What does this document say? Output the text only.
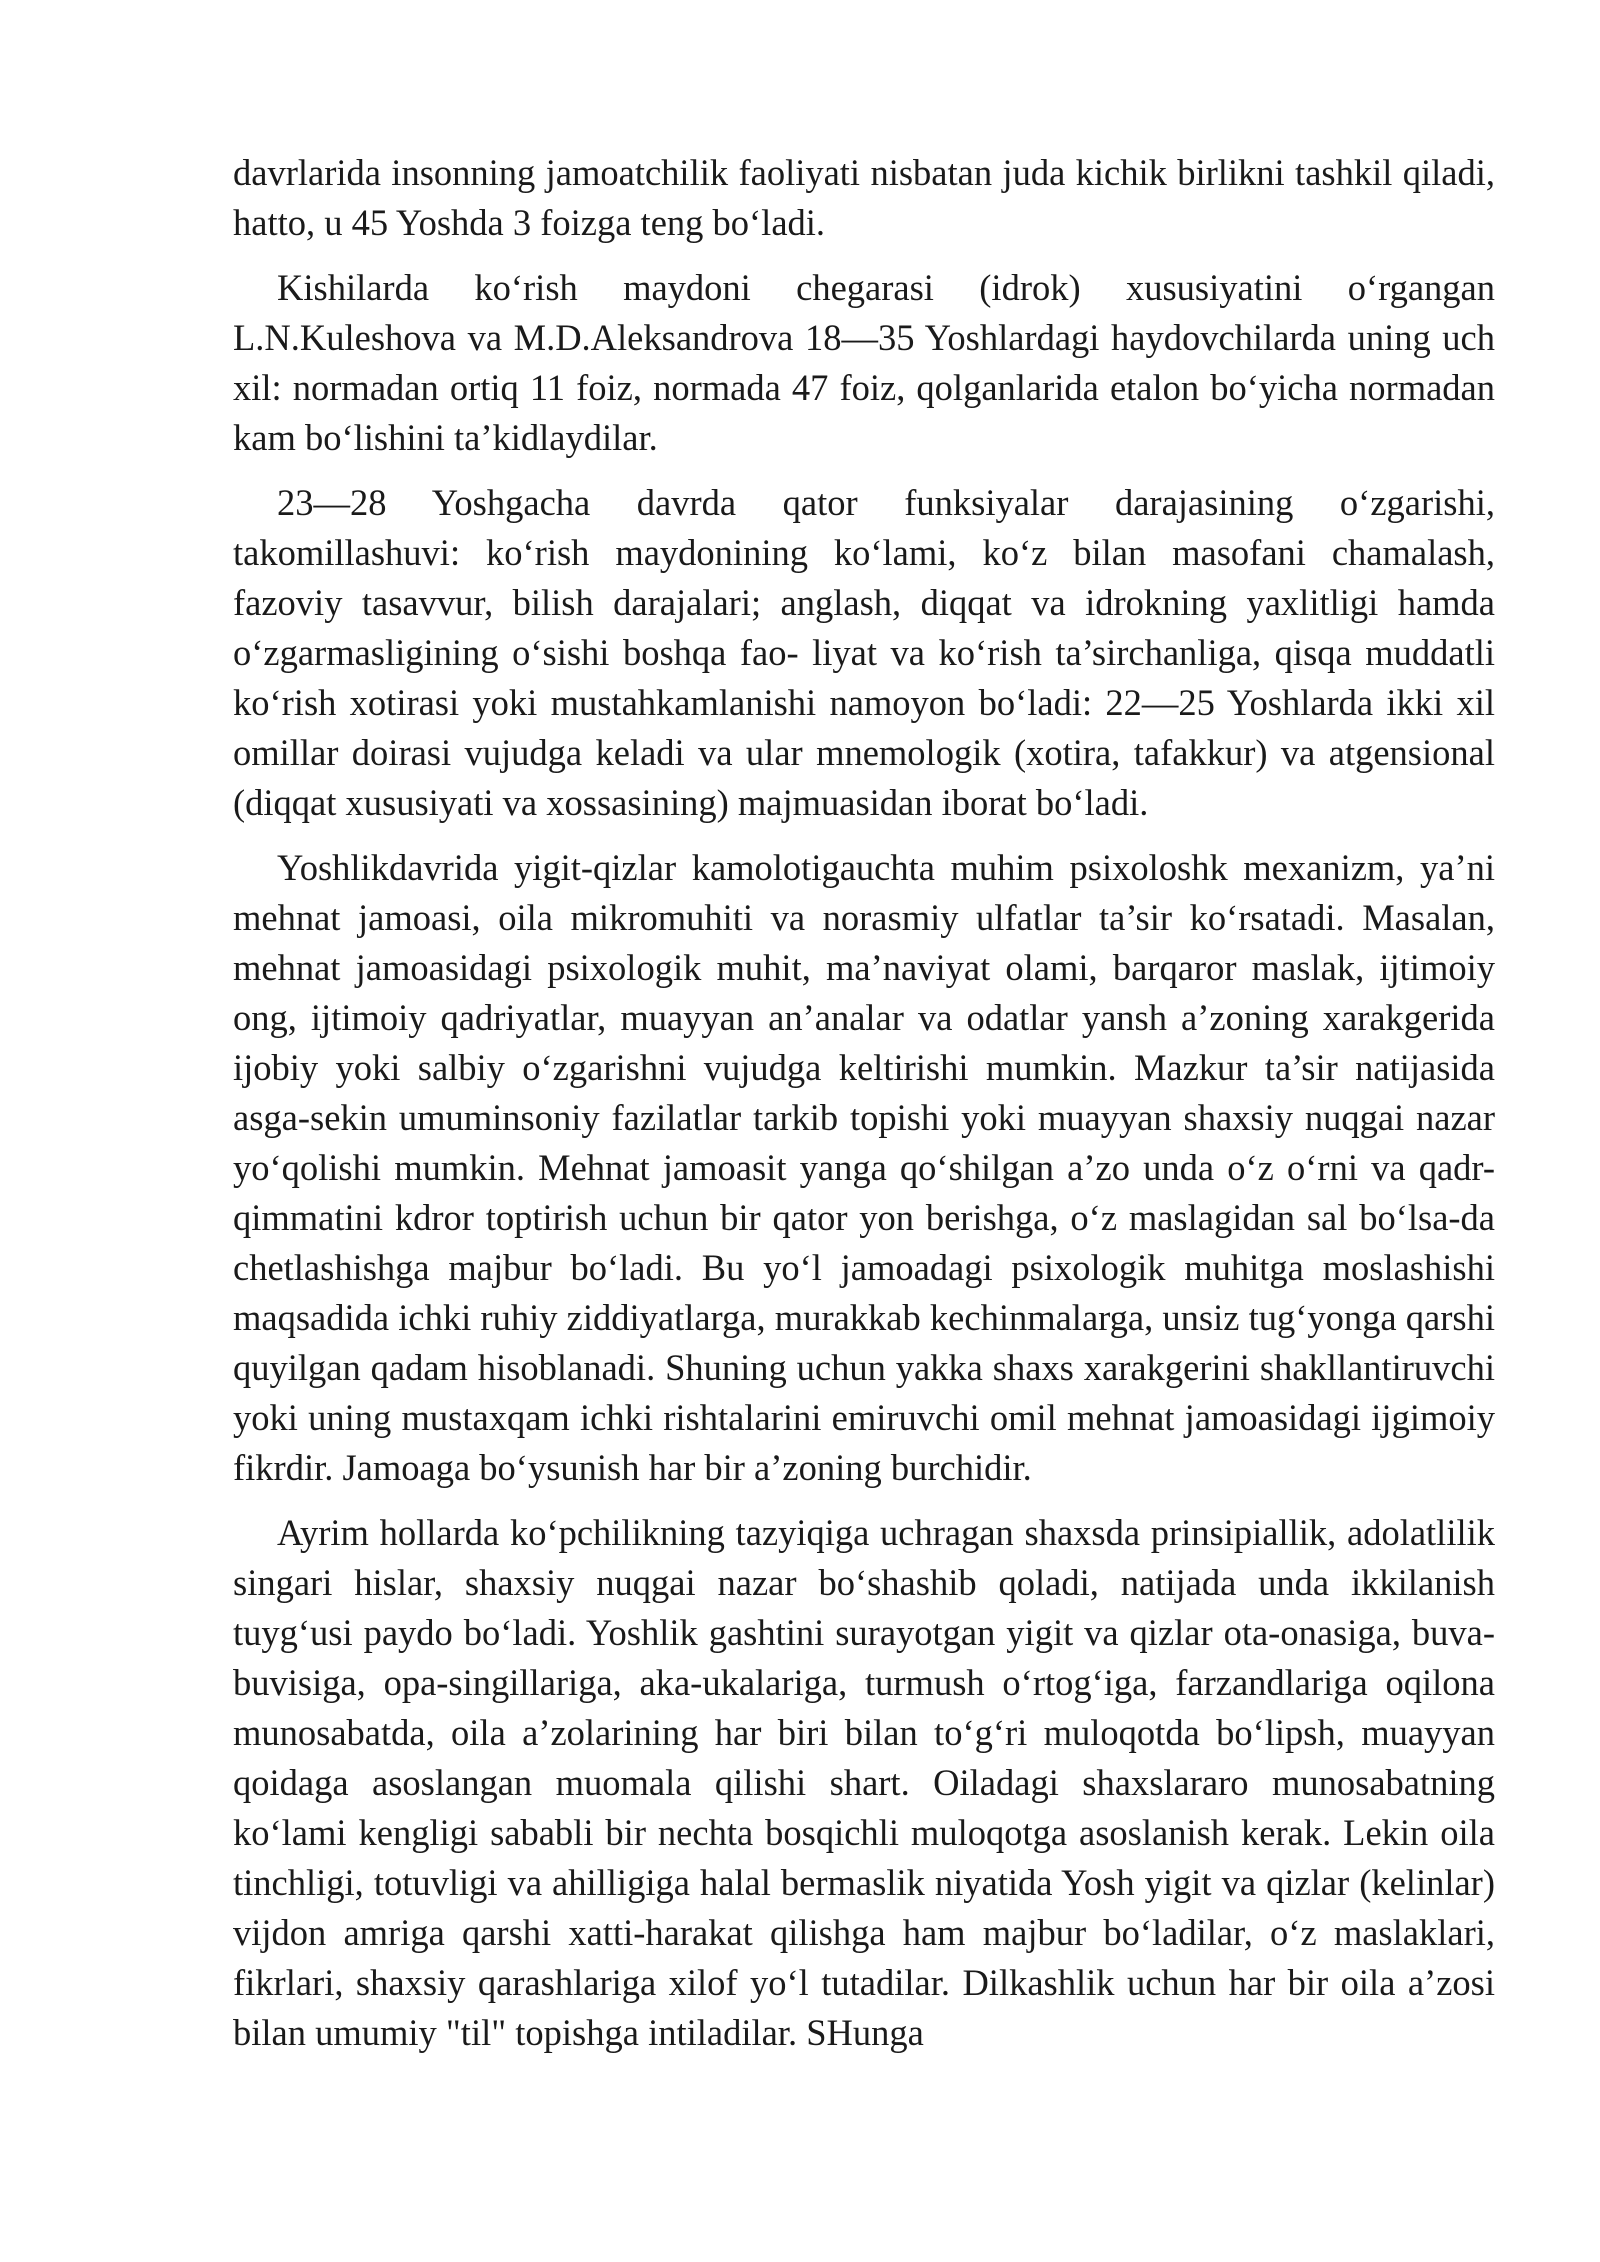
davrlarida insonning jamoatchilik faoliyati nisbatan juda kichik birlikni tashkil qiladi, hatto, u 45 Yoshda 3 foizga teng bo‘ladi.

Kishilarda ko‘rish maydoni chegarasi (idrok) xususiyatini o‘rgangan L.N.Kuleshova va M.D.Aleksandrova 18—35 Yoshlardagi haydovchilarda uning uch xil: normadan ortiq 11 foiz, normada 47 foiz, qolganlarida etalon bo‘yicha normadan kam bo‘lishini ta’kidlaydilar.

23—28 Yoshgacha davrda qator funksiyalar darajasining o‘zgarishi, takomillashuvi: ko‘rish maydonining ko‘lami, ko‘z bilan masofani chamalash, fazoviy tasavvur, bilish darajalari; anglash, diqqat va idrokning yaxlitligi hamda o‘zgarmasligining o‘sishi boshqa fao- liyat va ko‘rish ta’sirchanliga, qisqa muddatli ko‘rish xotirasi yoki mustahkamlanishi namoyon bo‘ladi: 22—25 Yoshlarda ikki xil omillar doirasi vujudga keladi va ular mnemologik (xotira, tafakkur) va atgensional (diqqat xususiyati va xossasining) majmuasidan iborat bo‘ladi.

Yoshlikdavrida yigit-qizlar kamolotigauchta muhim psixoloshk mexanizm, ya’ni mehnat jamoasi, oila mikromuhiti va norasmiy ulfatlar ta’sir ko‘rsatadi. Masalan, mehnat jamoasidagi psixologik muhit, ma’naviyat olami, barqaror maslak, ijtimoiy ong, ijtimoiy qadriyatlar, muayyan an’analar va odatlar yansh a’zoning xarakgerida ijobiy yoki salbiy o‘zgarishni vujudga keltirishi mumkin. Mazkur ta’sir natijasida asga-sekin umuminsoniy fazilatlar tarkib topishi yoki muayyan shaxsiy nuqgai nazar yo‘qolishi mumkin. Mehnat jamoasit yanga qo‘shilgan a’zo unda o‘z o‘rni va qadr-qimmatini kdror toptirish uchun bir qator yon berishga, o‘z maslagidan sal bo‘lsa-da chetlashishga majbur bo‘ladi. Bu yo‘l jamoadagi psixologik muhitga moslashishi maqsadida ichki ruhiy ziddiyatlarga, murakkab kechinmalarga, unsiz tug‘yonga qarshi quyilgan qadam hisoblanadi. Shuning uchun yakka shaxs xarakgerini shakllantiruvchi yoki uning mustaxqam ichki rishtalarini emiruvchi omil mehnat jamoasidagi ijgimoiy fikrdir. Jamoaga bo‘ysunish har bir a’zoning burchidir.

Ayrim hollarda ko‘pchilikning tazyiqiga uchragan shaxsda prinsipiallik, adolatlilik singari hislar, shaxsiy nuqgai nazar bo‘shashib qoladi, natijada unda ikkilanish tuyg‘usi paydo bo‘ladi. Yoshlik gashtini surayotgan yigit va qizlar ota-onasiga, buva- buvisiga, opa-singillariga, aka-ukalariga, turmush o‘rtog‘iga, farzandlariga oqilona munosabatda, oila a’zolarining har biri bilan to‘g‘ri muloqotda bo‘lipsh, muayyan qoidaga asoslangan muomala qilishi shart. Oiladagi shaxslararo munosabatning ko‘lami kengligi sababli bir nechta bosqichli muloqotga asoslanish kerak. Lekin oila tinchligi, totuvligi va ahilligiga halal bermaslik niyatida Yosh yigit va qizlar (kelinlar) vijdon amriga qarshi xatti-harakat qilishga ham majbur bo‘ladilar, o‘z maslaklari, fikrlari, shaxsiy qarashlariga xilof yo‘l tutadilar. Dilkashlik uchun har bir oila a’zosi bilan umumiy "til" topishga intiladilar. SHunga
